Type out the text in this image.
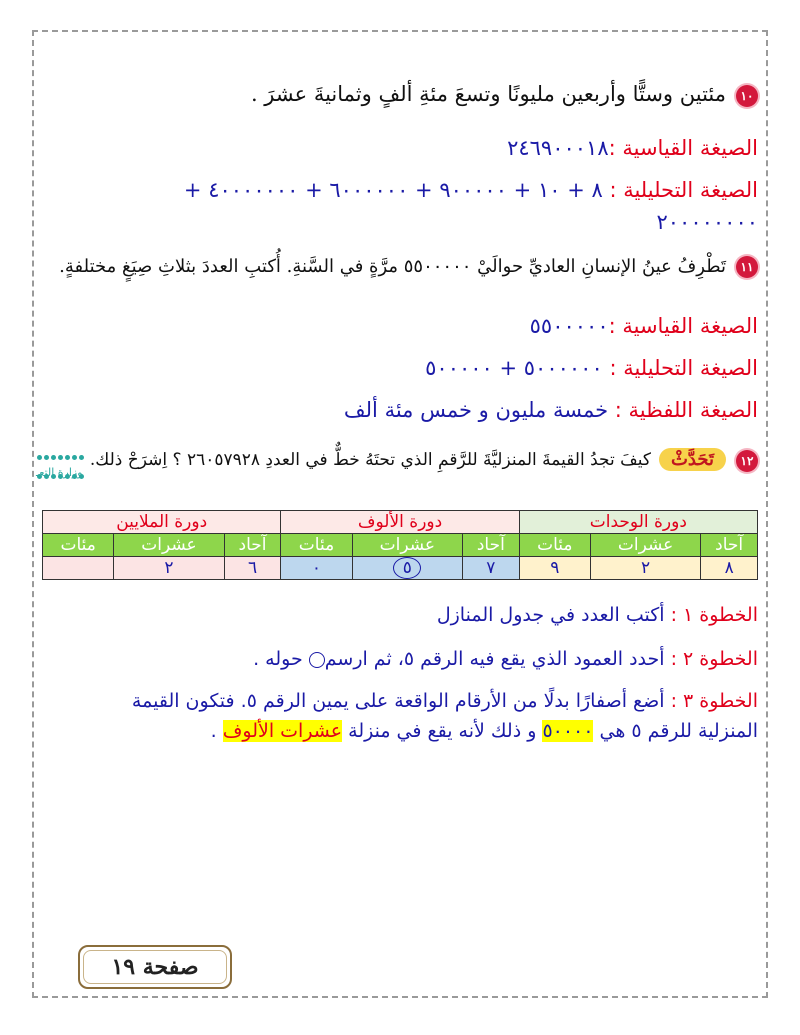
١٠مئتين وستًّا وأربعين مليونًا وتسعَ مئةِ ألفٍ وثمانيةَ عشرَ .
الصيغة القياسية :٢٤٦٩٠٠٠١٨
الصيغة التحليلية : ٨ + ١٠ + ٩٠٠٠٠٠ + ٦٠٠٠٠٠٠ + ٤٠٠٠٠٠٠٠ +
٢٠٠٠٠٠٠٠٠
١١تَطْرِفُ عينُ الإنسانِ العاديِّ حوالَيْ ٥٥٠٠٠٠٠ مرَّةٍ في السَّنةِ. أُكتبِ العددَ بثلاثِ صِيَغٍ مختلفةٍ.
الصيغة القياسية :٥٥٠٠٠٠٠
الصيغة التحليلية : ٥٠٠٠٠٠٠ + ٥٠٠٠٠٠
الصيغة اللفظية : خمسة مليون و خمس مئة ألف
١٢تَحَدَّثْكيفَ تجدُ القيمةَ المنزليَّةَ للرَّقمِ الذي تحتَهُ خطٌّ في العددِ ٢٦٠٥٧٩٢٨ ؟ اِشرَحْ ذلك.

وزارة التعـ
دورة الوحدات			دورة الألوف			دورة الملايين		
آحاد	عشرات	مئات	آحاد	عشرات	مئات	آحاد	عشرات	مئات
٨	٢	٩	٧	٥	٠	٦	٢	
الخطوة ١ : أكتب العدد في جدول المنازل
الخطوة ٢ : أحدد العمود الذي يقع فيه الرقم ٥، ثم ارسم حوله .
الخطوة ٣ : أضع أصفارًا بدلًا من الأرقام الواقعة على يمين الرقم ٥. فتكون القيمة
المنزلية للرقم ٥ هي ٥٠٠٠٠ و ذلك لأنه يقع في منزلة عشرات الألوف .
صفحة ١٩
